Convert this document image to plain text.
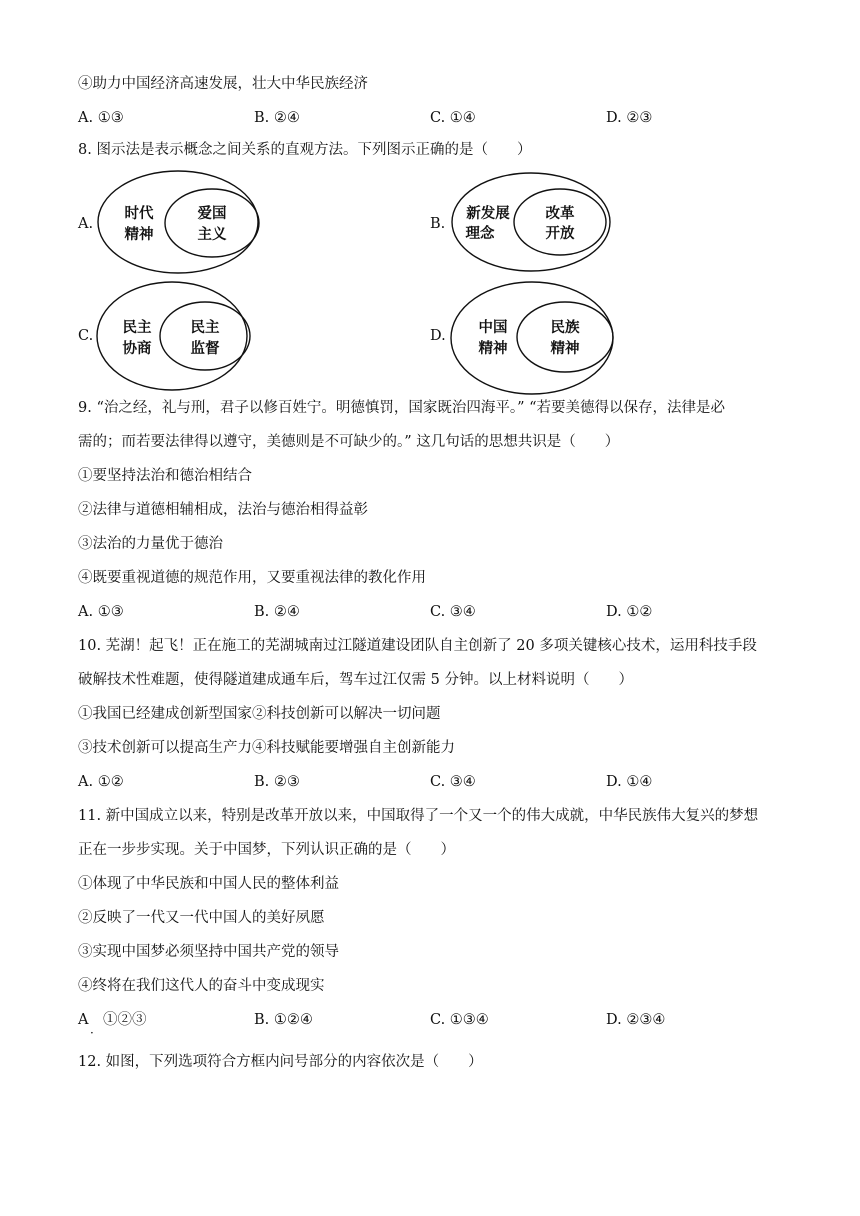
④助力中国经济高速发展，壮大中华民族经济
A. ①③	B. ②④	C. ①④	D. ②③
8. 图示法是表示概念之间关系的直观方法。下列图示正确的是（　　）
A.
时代
精神
爱国
主义
B.
新发展
理念
改革
开放
C. 民主
协商
民主
监督
D. 中国
精神
民族
精神
9. “治之经，礼与刑，君子以修百姓宁。明德慎罚，国家既治四海平。” “若要美德得以保存，法律是必
需的；而若要法律得以遵守，美德则是不可缺少的。” 这几句话的思想共识是（　　）
①要坚持法治和德治相结合
②法律与道德相辅相成，法治与德治相得益彰
③法治的力量优于德治
④既要重视道德的规范作用，又要重视法律的教化作用
A. ①③	B. ②④	C. ③④	D. ①②
10. 芜湖！起飞！正在施工的芜湖城南过江隧道建设团队自主创新了 20 多项关键核心技术，运用科技手段
破解技术性难题，使得隧道建成通车后，驾车过江仅需 5 分钟。以上材料说明（　　）
①我国已经建成创新型国家②科技创新可以解决一切问题
③技术创新可以提高生产力④科技赋能要增强自主创新能力
A. ①②	B. ②③	C. ③④	D. ①④
11. 新中国成立以来，特别是改革开放以来，中国取得了一个又一个的伟大成就，中华民族伟大复兴的梦想
正在一步步实现。关于中国梦，下列认识正确的是（　　）
①体现了中华民族和中国人民的整体利益
②反映了一代又一代中国人的美好夙愿
③实现中国梦必须坚持中国共产党的领导
④终将在我们这代人的奋斗中变成现实
A　①②③
·
B. ①②④	C. ①③④	D. ②③④
12. 如图，下列选项符合方框内问号部分的内容依次是（　　）
